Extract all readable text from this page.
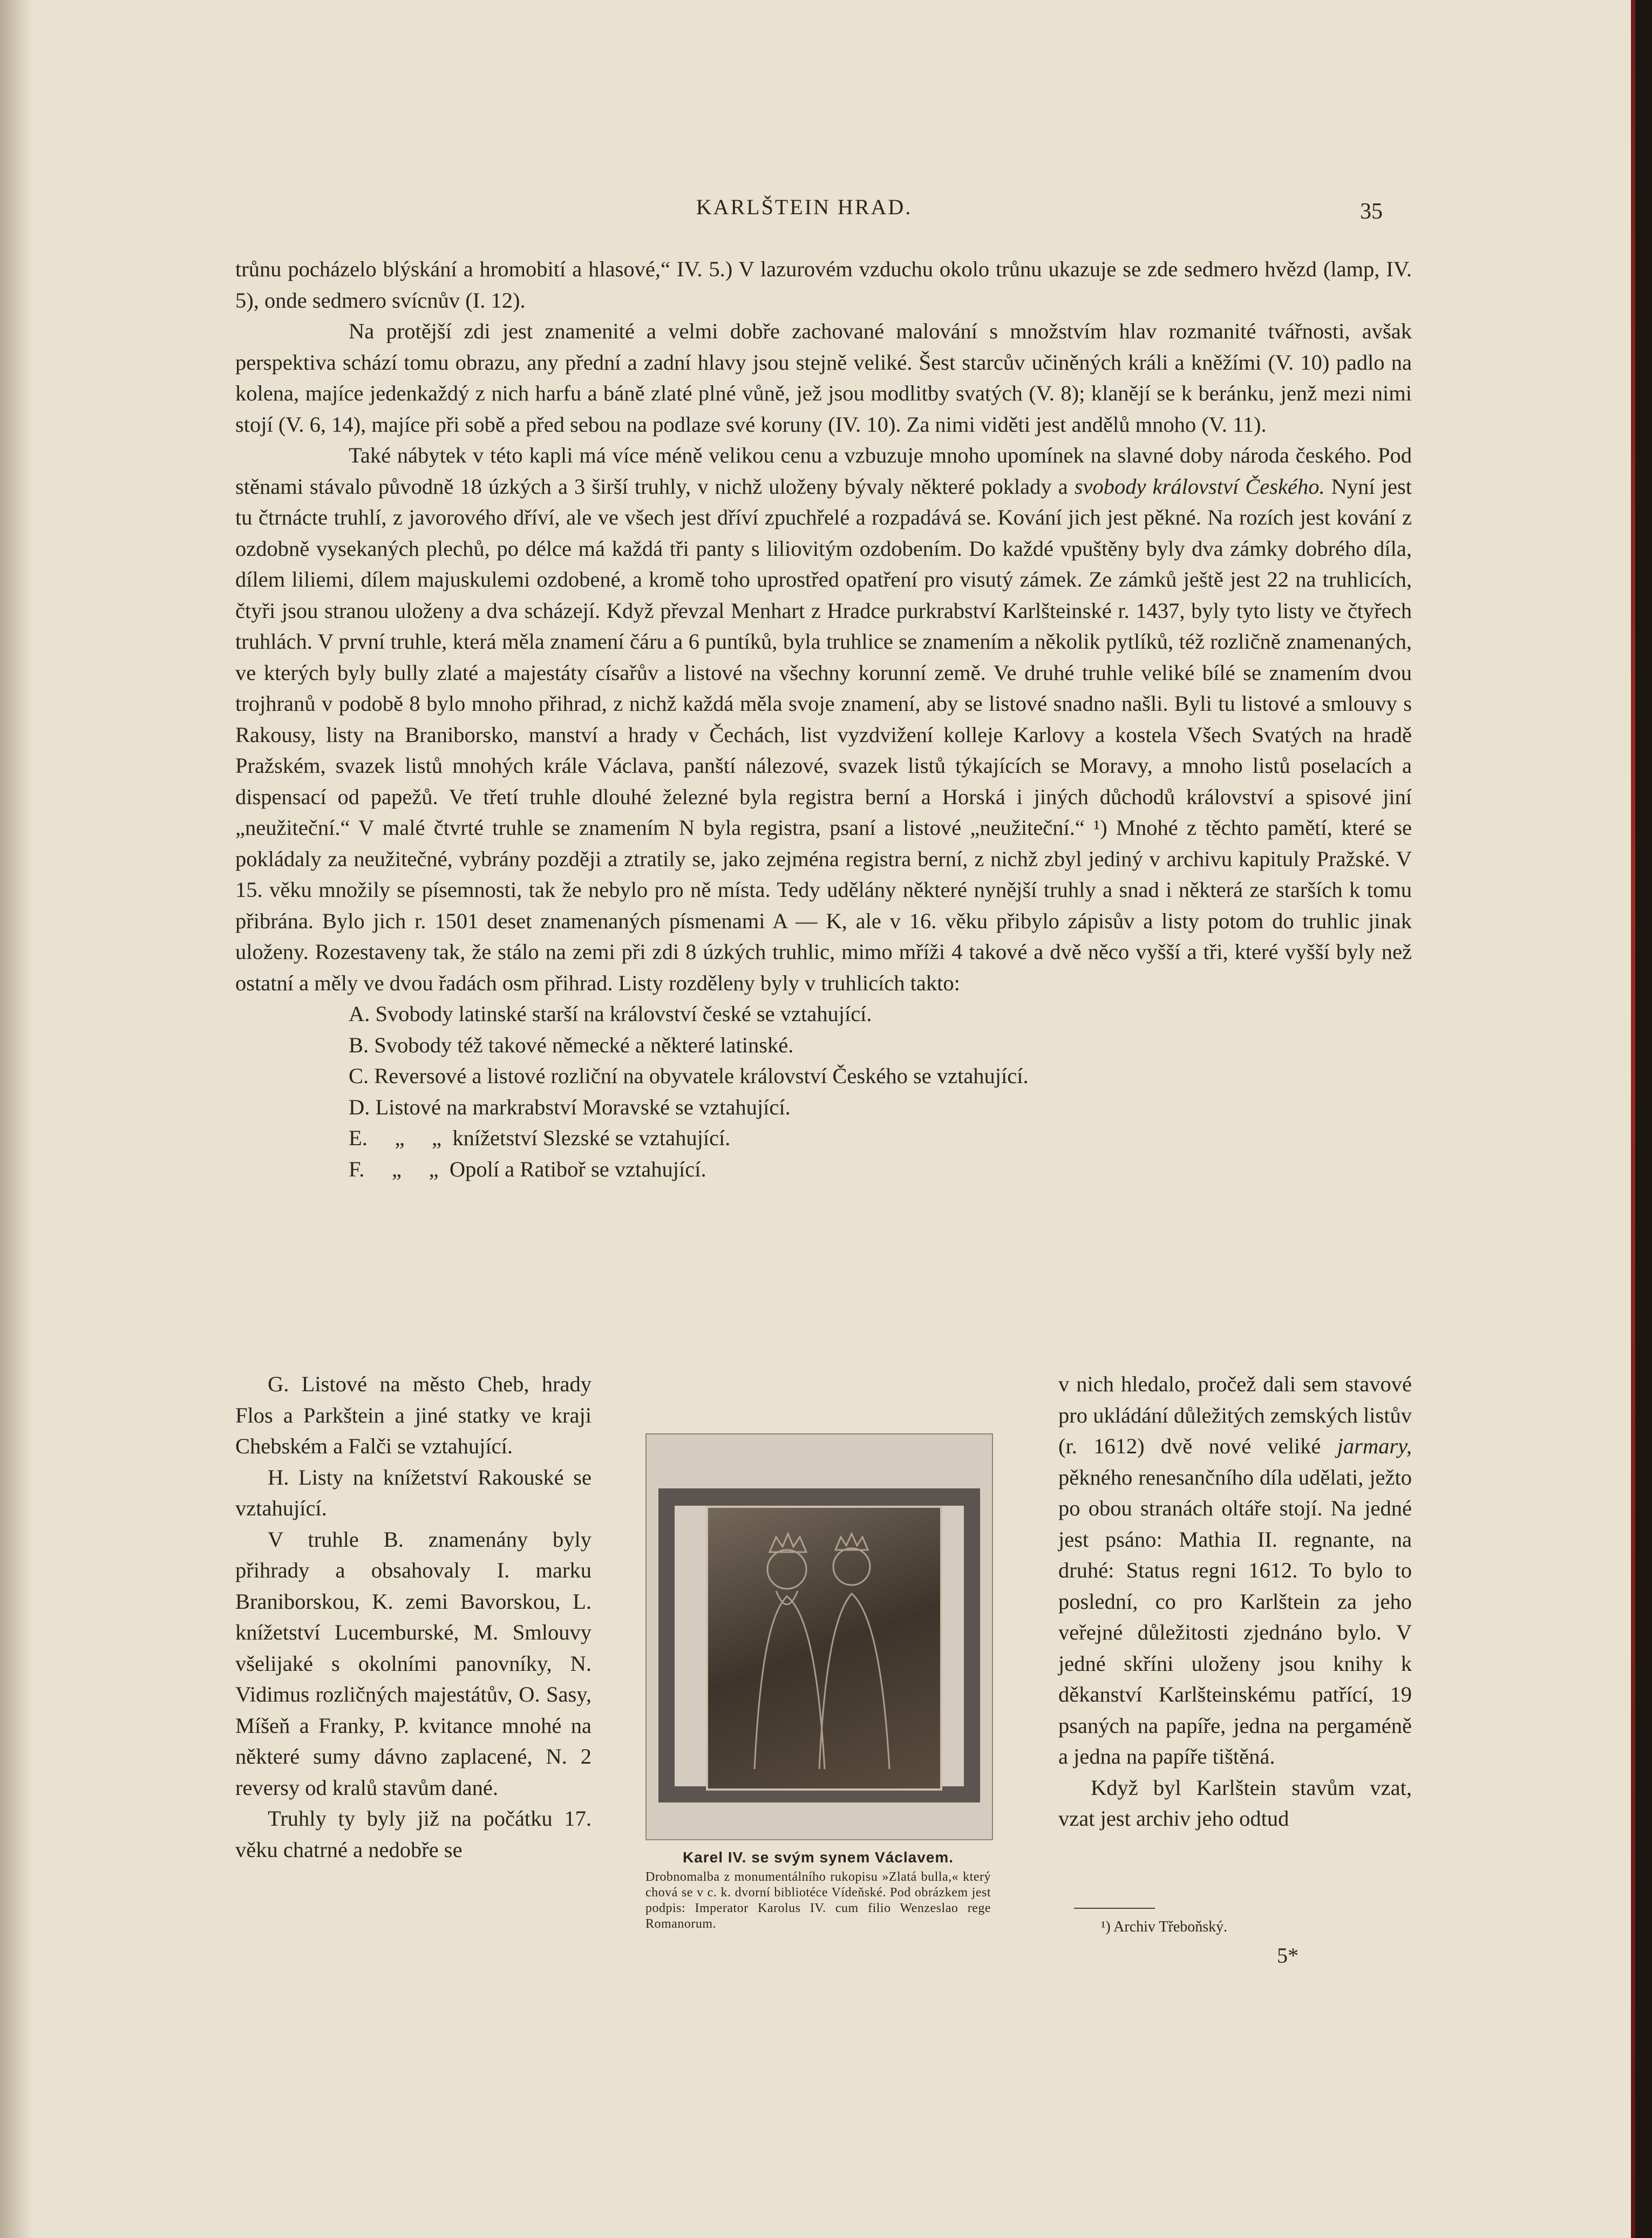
KARLŠTEIN HRAD.	35

trůnu pocházelo blýskání a hromobití a hlasové,“ IV. 5.) V lazurovém vzduchu okolo trůnu ukazuje se zde sedmero hvězd (lamp, IV. 5), onde sedmero svícnův (I. 12).

Na protější zdi jest znamenité a velmi dobře zachované malování s množstvím hlav rozmanité tvářnosti, avšak perspektiva schází tomu obrazu, any přední a zadní hlavy jsou stejně veliké. Šest starcův učiněných králi a kněžími (V. 10) padlo na kolena, majíce jedenkaždý z nich harfu a báně zlaté plné vůně, jež jsou modlitby svatých (V. 8); klanějí se k beránku, jenž mezi nimi stojí (V. 6, 14), majíce při sobě a před sebou na podlaze své koruny (IV. 10). Za nimi viděti jest andělů mnoho (V. 11).

Také nábytek v této kapli má více méně velikou cenu a vzbuzuje mnoho upomínek na slavné doby národa českého. Pod stěnami stávalo původně 18 úzkých a 3 širší truhly, v nichž uloženy bývaly některé poklady a svobody království Českého. Nyní jest tu čtrnácte truhlí, z javorového dříví, ale ve všech jest dříví zpuchřelé a rozpadává se. Kování jich jest pěkné. Na rozích jest kování z ozdobně vysekaných plechů, po délce má každá tři panty s liliovitým ozdobením. Do každé vpuštěny byly dva zámky dobrého díla, dílem liliemi, dílem majuskulemi ozdobené, a kromě toho uprostřed opatření pro visutý zámek. Ze zámků ještě jest 22 na truhlicích, čtyři jsou stranou uloženy a dva scházejí. Když převzal Menhart z Hradce purkrabství Karlšteinské r. 1437, byly tyto listy ve čtyřech truhlách. V první truhle, která měla znamení čáru a 6 puntíků, byla truhlice se znamením a několik pytlíků, též rozličně znamenaných, ve kterých byly bully zlaté a majestáty císařův a listové na všechny korunní země. Ve druhé truhle veliké bílé se znamením dvou trojhranů v podobě 8 bylo mnoho přihrad, z nichž každá měla svoje znamení, aby se listové snadno našli. Byli tu listové a smlouvy s Rakousy, listy na Braniborsko, manství a hrady v Čechách, list vyzdvižení kolleje Karlovy a kostela Všech Svatých na hradě Pražském, svazek listů mnohých krále Václava, panští nálezové, svazek listů týkajících se Moravy, a mnoho listů poselacích a dispensací od papežů. Ve třetí truhle dlouhé železné byla registra berní a Horská i jiných důchodů království a spisové jiní „neužiteční.“ V malé čtvrté truhle se znamením N byla registra, psaní a listové „neužiteční.“ ¹) Mnohé z těchto pamětí, které se pokládaly za neužitečné, vybrány později a ztratily se, jako zejména registra berní, z nichž zbyl jediný v archivu kapituly Pražské. V 15. věku množily se písemnosti, tak že nebylo pro ně místa. Tedy udělány některé nynější truhly a snad i některá ze starších k tomu přibrána. Bylo jich r. 1501 deset znamenaných písmenami A — K, ale v 16. věku přibylo zápisův a listy potom do truhlic jinak uloženy. Rozestaveny tak, že stálo na zemi při zdi 8 úzkých truhlic, mimo mříži 4 takové a dvě něco vyšší a tři, které vyšší byly než ostatní a měly ve dvou řadách osm přihrad. Listy rozděleny byly v truhlicích takto:

A. Svobody latinské starší na království české se vztahující.
B. Svobody též takové německé a některé latinské.
C. Reversové a listové rozliční na obyvatele království Českého se vztahující.
D. Listové na markrabství Moravské se vztahující.
E.     „     „  knížetství Slezské se vztahující.
F.     „     „  Opolí a Ratiboř se vztahující.

G. Listové na město Cheb, hrady Flos a Parkštein a jiné statky ve kraji Chebském a Falči se vztahující.

H. Listy na knížetství Rakouské se vztahující.

V truhle B. znamenány byly přihrady a obsahovaly I. marku Braniborskou, K. zemi Bavorskou, L. knížetství Lucemburské, M. Smlouvy všelijaké s okolními panovníky, N. Vidimus rozličných majestátův, O. Sasy, Míšeň a Franky, P. kvitance mnohé na některé sumy dávno zaplacené, N. 2 reversy od kralů stavům dané.

Truhly ty byly již na počátku 17. věku chatrné a nedobře se	Karel IV. se svým synem Václavem.
Drobnomalba z monumentálního rukopisu »Zlatá bulla,« který chová se v c. k. dvorní bibliotéce Vídeňské. Pod obrázkem jest podpis: Imperator Karolus IV. cum filio Wenzeslao rege Romanorum.

v nich hledalo, pročež dali sem stavové pro ukládání důležitých zemských listův (r. 1612) dvě nové veliké jarmary, pěkného renesančního díla udělati, ježto po obou stranách oltáře stojí. Na jedné jest psáno: Mathia II. regnante, na druhé: Status regni 1612. To bylo to poslední, co pro Karlštein za jeho veřejné důležitosti zjednáno bylo. V jedné skříni uloženy jsou knihy k děkanství Karlšteinskému patřící, 19 psaných na papíře, jedna na pergaméně a jedna na papíře tištěná.

Když byl Karlštein stavům vzat, vzat jest archiv jeho odtud

¹) Archiv Třeboňský.
5*
